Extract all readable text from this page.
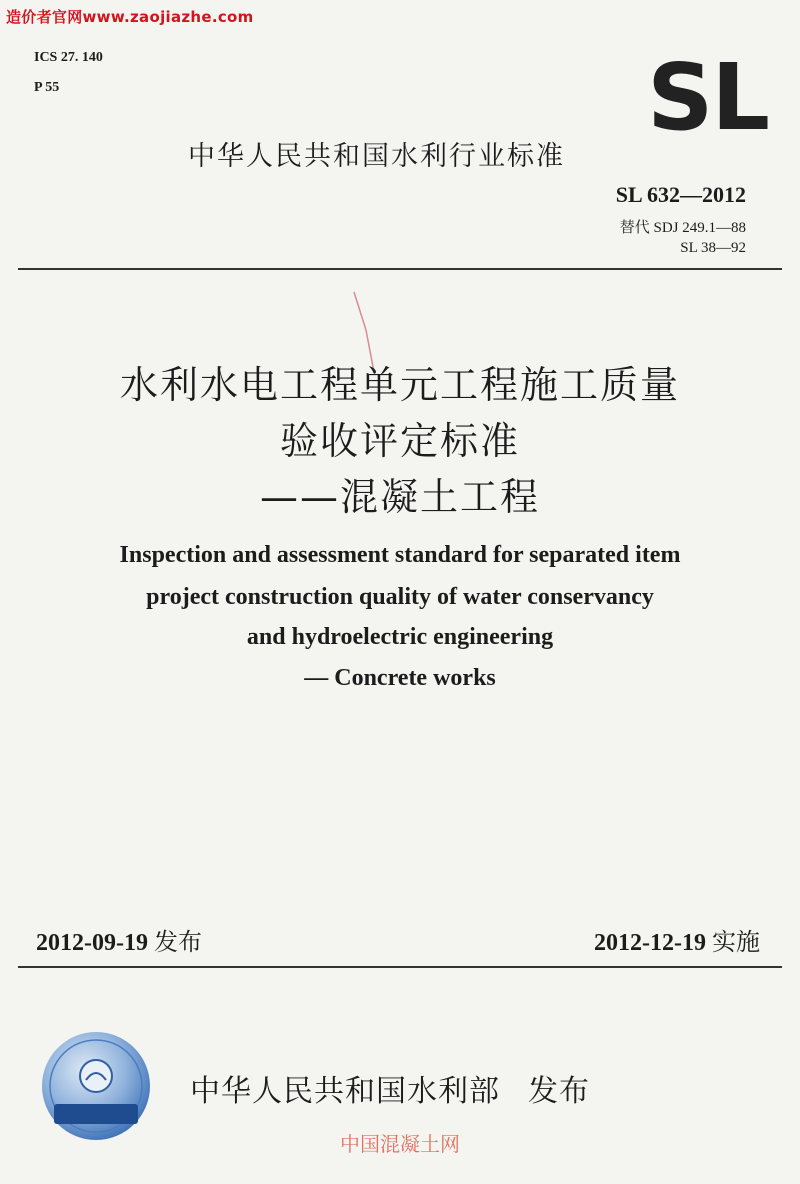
造价者官网www.zaojiazhe.com
ICS 27. 140
P 55	SL
中华人民共和国水利行业标准
SL 632—2012
替代 SDJ 249.1—88
SL 38—92
水利水电工程单元工程施工质量
验收评定标准
——混凝土工程
Inspection and assessment standard for separated item
project construction quality of water conservancy
and hydroelectric engineering
— Concrete works
2012-09-19 发布	2012-12-19 实施
中华人民共和国水利部 发布
中国混凝土网
